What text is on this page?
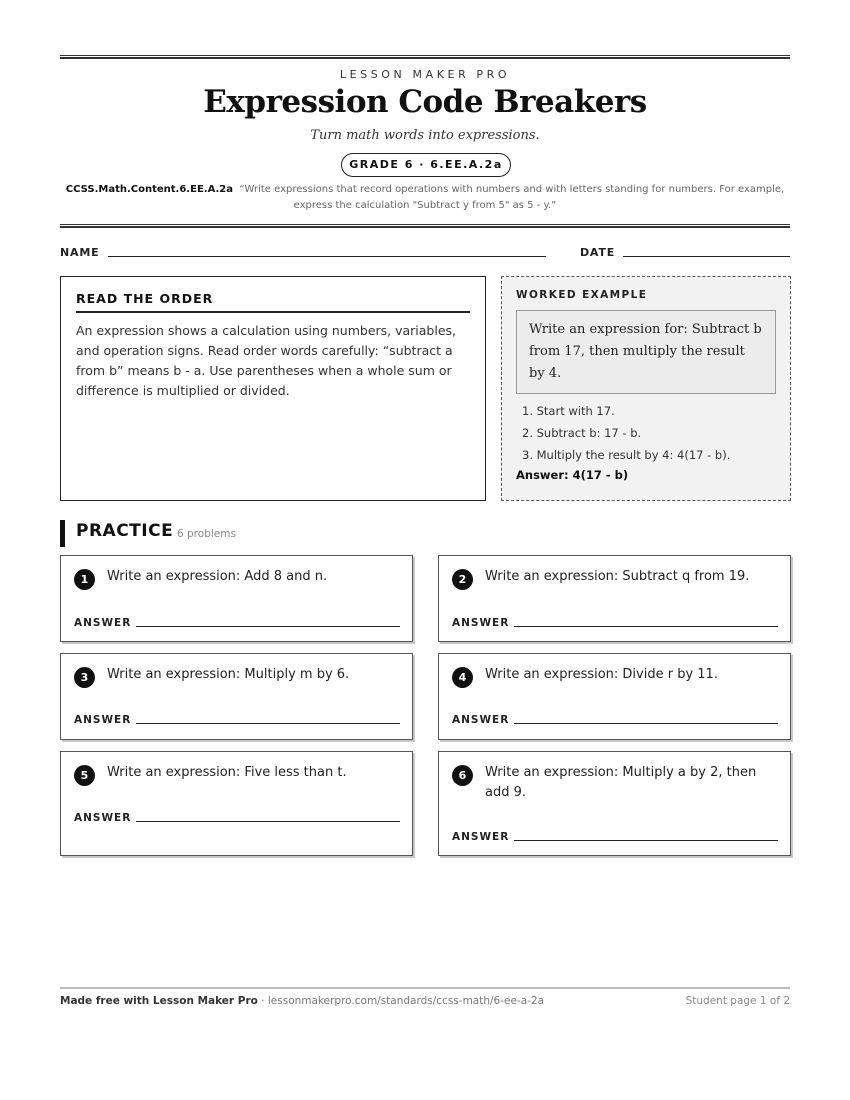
LESSON MAKER PRO
Expression Code Breakers
Turn math words into expressions.
GRADE 6 · 6.EE.A.2a
CCSS.Math.Content.6.EE.A.2a “Write expressions that record operations with numbers and with letters standing for numbers. For example, express the calculation "Subtract y from 5" as 5 - y.”
NAME	DATE
READ THE ORDER

An expression shows a calculation using numbers, variables, and operation signs. Read order words carefully: “subtract a from b” means b - a. Use parentheses when a whole sum or difference is multiplied or divided.

WORKED EXAMPLE
Write an expression for: Subtract b from 17, then multiply the result by 4.
1. Start with 17.
2. Subtract b: 17 - b.
3. Multiply the result by 4: 4(17 - b).
Answer: 4(17 - b)
PRACTICE 6 problems
1	Write an expression: Add 8 and n.
ANSWER
2	Write an expression: Subtract q from 19.
ANSWER
3	Write an expression: Multiply m by 6.
ANSWER
4	Write an expression: Divide r by 11.
ANSWER
5	Write an expression: Five less than t.
ANSWER
6	Write an expression: Multiply a by 2, then add 9.
ANSWER
Made free with Lesson Maker Pro · lessonmakerpro.com/standards/ccss-math/6-ee-a-2a	Student page 1 of 2
